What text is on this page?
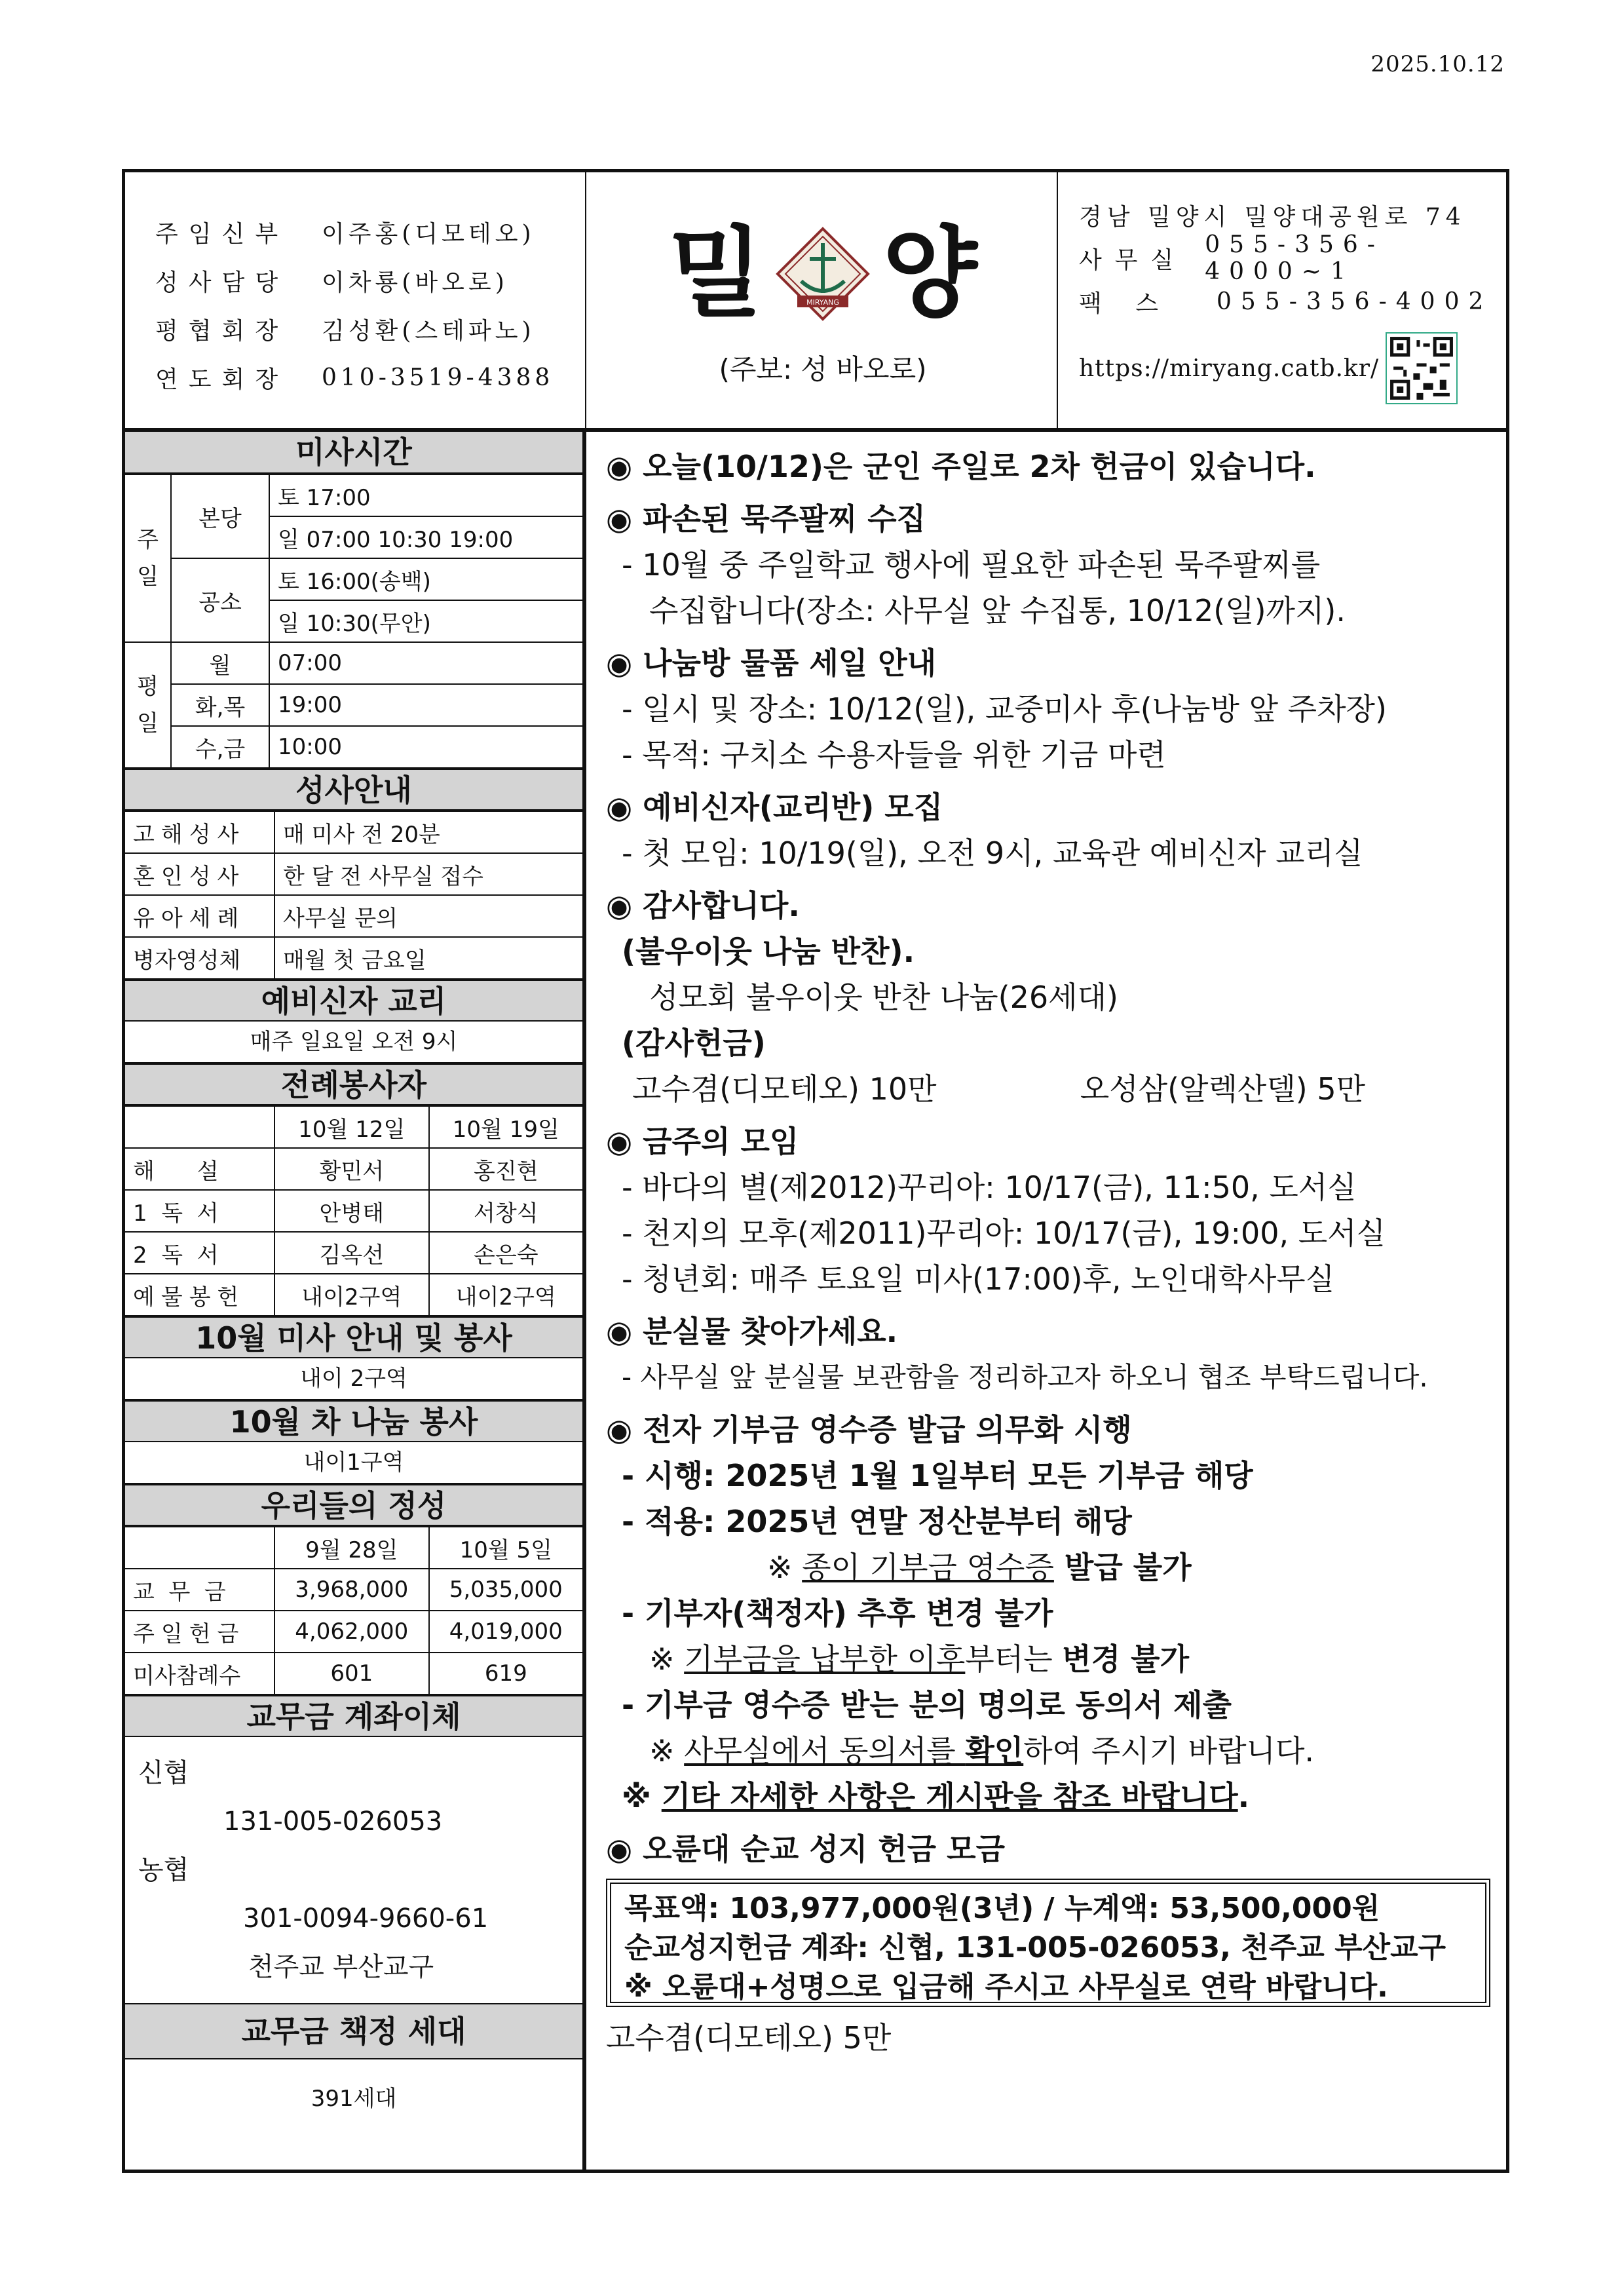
2025.10.12
주임신부	이주홍(디모테오)
성사담당	이차룡(바오로)
평협회장	김성환(스테파노)
연도회장	010-3519-4388
밀	MIRYANG 양
(주보: 성 바오로)
경남 밀양시 밀양대공원로 74
사무실
055-356-4000~1
팩 스	055-356-4002
https://miryang.catb.kr/
미사시간
주
일	본당	토 17:00
		일 07:00 10:30 19:00
	공소	토 16:00(송백)
		일 10:30(무안)
평
일	월	07:00
	화,목	19:00
	수,금	10:00
성사안내
고해성사	매 미사 전 20분
혼인성사	한 달 전 사무실 접수
유아세례	사무실 문의
병자영성체	매월 첫 금요일
예비신자 교리
매주 일요일 오전 9시
전례봉사자
	10월 12일	10월 19일
해      설	황민서	홍진현
1  독  서	안병태	서창식
2  독  서	김옥선	손은숙
예물봉헌	내이2구역	내이2구역
10월 미사 안내 및 봉사
내이 2구역
10월 차 나눔 봉사
내이1구역
우리들의 정성
	9월 28일	10월 5일
교  무  금	3,968,000	5,035,000
주일헌금	4,062,000	4,019,000
미사참례수	601	619
교무금 계좌이체
신협
131-005-026053
농협
301-0094-9660-61
천주교 부산교구
교무금 책정 세대
391세대
◉ 오늘(10/12)은 군인 주일로 2차 헌금이 있습니다.
◉ 파손된 묵주팔찌 수집
- 10월 중 주일학교 행사에 필요한 파손된 묵주팔찌를
수집합니다(장소: 사무실 앞 수집통, 10/12(일)까지).
◉ 나눔방 물품 세일 안내
- 일시 및 장소: 10/12(일), 교중미사 후(나눔방 앞 주차장)
- 목적: 구치소 수용자들을 위한 기금 마련
◉ 예비신자(교리반) 모집
- 첫 모임: 10/19(일), 오전 9시, 교육관 예비신자 교리실
◉ 감사합니다.
(불우이웃 나눔 반찬).
성모회 불우이웃 반찬 나눔(26세대)
(감사헌금)
고수겸(디모테오) 10만	오성삼(알렉산델) 5만
◉ 금주의 모임
- 바다의 별(제2012)꾸리아: 10/17(금), 11:50, 도서실
- 천지의 모후(제2011)꾸리아: 10/17(금), 19:00, 도서실
- 청년회: 매주 토요일 미사(17:00)후, 노인대학사무실
◉ 분실물 찾아가세요.
- 사무실 앞 분실물 보관함을 정리하고자 하오니 협조 부탁드립니다.
◉ 전자 기부금 영수증 발급 의무화 시행
- 시행: 2025년 1월 1일부터 모든 기부금 해당
- 적용: 2025년 연말 정산분부터 해당
※ 종이 기부금 영수증 발급 불가
- 기부자(책정자) 추후 변경 불가
※ 기부금을 납부한 이후부터는 변경 불가
- 기부금 영수증 받는 분의 명의로 동의서 제출
※ 사무실에서 동의서를 확인하여 주시기 바랍니다.
※ 기타 자세한 사항은 게시판을 참조 바랍니다.
◉ 오륜대 순교 성지 헌금 모금
목표액: 103,977,000원(3년) / 누계액: 53,500,000원
순교성지헌금 계좌: 신협, 131-005-026053, 천주교 부산교구
※ 오륜대+성명으로 입금해 주시고 사무실로 연락 바랍니다.
고수겸(디모테오) 5만
